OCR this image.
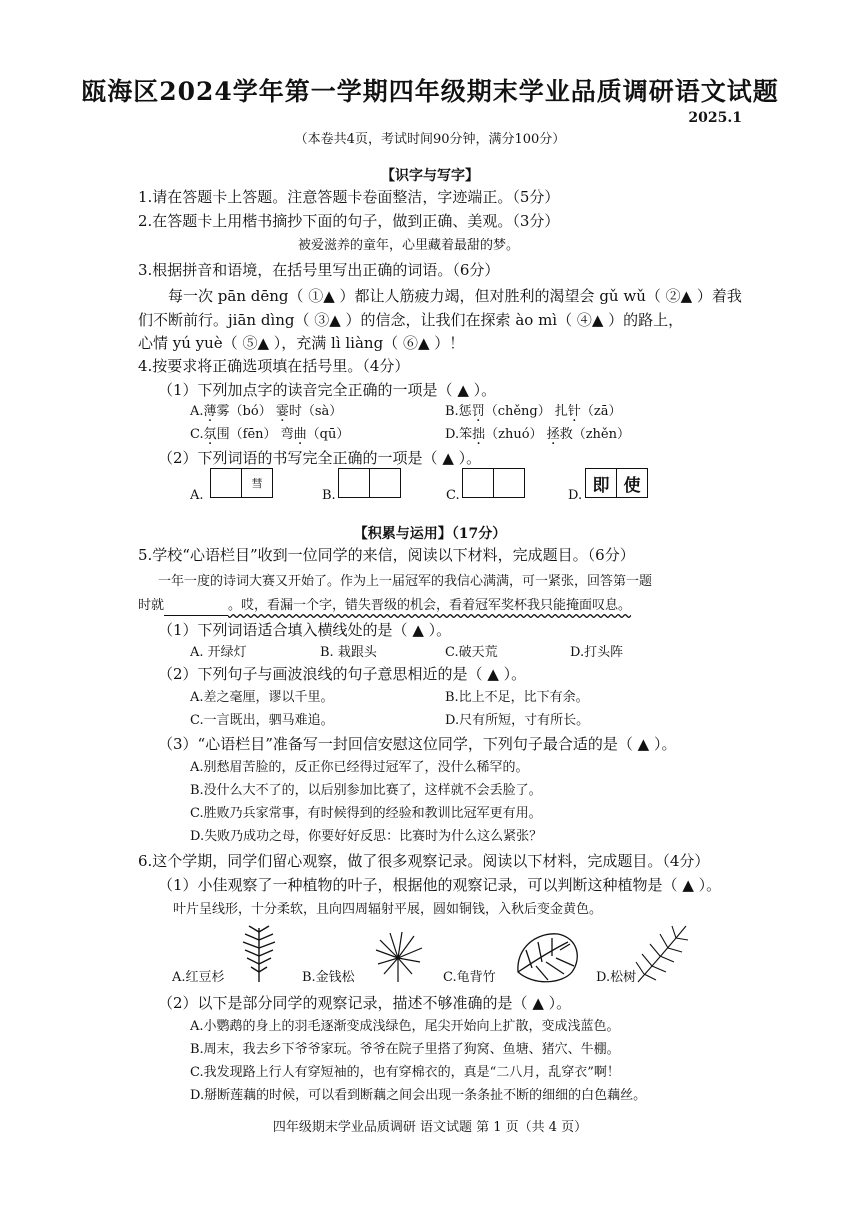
瓯海区2024学年第一学期四年级期末学业品质调研语文试题
2025.1
（本卷共4页，考试时间90分钟，满分100分）
【识字与写字】
1.请在答题卡上答题。注意答题卡卷面整洁，字迹端正。（5分）
2.在答题卡上用楷书摘抄下面的句子，做到正确、美观。（3分）
被爱滋养的童年，心里藏着最甜的梦。
3.根据拼音和语境，在括号里写出正确的词语。（6分）
每一次 pān dēng（ ①▲ ）都让人筋疲力竭，但对胜利的渴望会 gǔ wǔ（ ②▲ ）着我
们不断前行。jiān dìng（ ③▲ ）的信念，让我们在探索 ào mì（ ④▲ ）的路上，
心情 yú yuè（ ⑤▲ ），充满 lì liàng（ ⑥▲ ）！
4.按要求将正确选项填在括号里。（4分）
（1）下列加点字的读音完全正确的一项是（ ▲ ）。
A.薄雾（bó） 霎时（sà）	B.惩罚（chěng） 扎针（zā）
C.氛围（fēn） 弯曲（qū）	D.笨拙（zhuó） 拯救（zhěn）
（2）下列词语的书写完全正确的一项是（ ▲ ）。
A.
彗
B.	C.	D. 即 使
【积累与运用】（17分）
5.学校“心语栏目”收到一位同学的来信，阅读以下材料，完成题目。（6分）
一年一度的诗词大赛又开始了。作为上一届冠军的我信心满满，可一紧张，回答第一题
时就	。哎，看漏一个字，错失晋级的机会，看着冠军奖杯我只能掩面叹息。
（1）下列词语适合填入横线处的是（ ▲ ）。
A. 开绿灯	B. 栽跟头	C.破天荒	D.打头阵
（2）下列句子与画波浪线的句子意思相近的是（ ▲ ）。
A.差之毫厘，谬以千里。	B.比上不足，比下有余。
C.一言既出，驷马难追。	D.尺有所短，寸有所长。
（3）“心语栏目”准备写一封回信安慰这位同学，下列句子最合适的是（ ▲ ）。
A.别愁眉苦脸的，反正你已经得过冠军了，没什么稀罕的。
B.没什么大不了的，以后别参加比赛了，这样就不会丢脸了。
C.胜败乃兵家常事，有时候得到的经验和教训比冠军更有用。
D.失败乃成功之母，你要好好反思：比赛时为什么这么紧张？
6.这个学期，同学们留心观察，做了很多观察记录。阅读以下材料，完成题目。（4分）
（1）小佳观察了一种植物的叶子，根据他的观察记录，可以判断这种植物是（ ▲ ）。
叶片呈线形，十分柔软，且向四周辐射平展，圆如铜钱，入秋后变金黄色。
A.红豆杉	B.金钱松	C.龟背竹	D.松树
（2）以下是部分同学的观察记录，描述不够准确的是（ ▲ ）。
A.小鹦鹉的身上的羽毛逐渐变成浅绿色，尾尖开始向上扩散，变成浅蓝色。
B.周末，我去乡下爷爷家玩。爷爷在院子里搭了狗窝、鱼塘、猪穴、牛棚。
C.我发现路上行人有穿短袖的，也有穿棉衣的，真是“二八月，乱穿衣”啊！
D.掰断莲藕的时候，可以看到断藕之间会出现一条条扯不断的细细的白色藕丝。
四年级期末学业品质调研 语文试题 第 1 页（共 4 页）
